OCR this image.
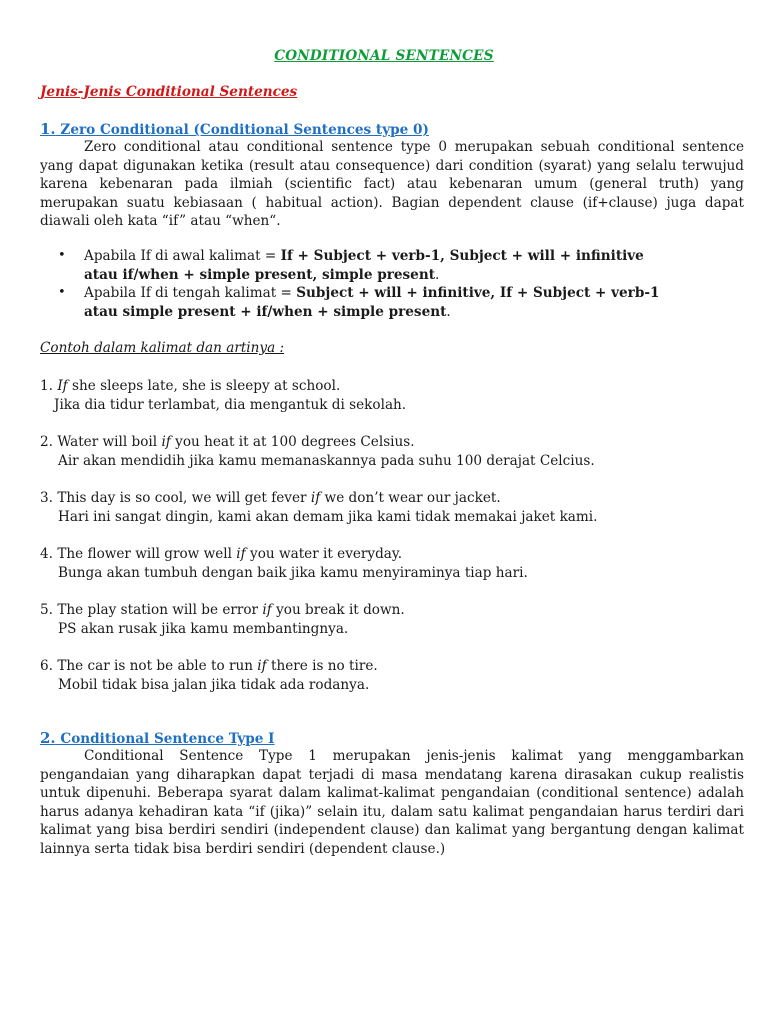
CONDITIONAL SENTENCES
Jenis-Jenis Conditional Sentences
1. Zero Conditional (Conditional Sentences type 0)
Zero conditional atau conditional sentence type 0 merupakan sebuah conditional sentence yang dapat digunakan ketika (result atau consequence) dari condition (syarat) yang selalu terwujud karena kebenaran pada ilmiah (scientific fact) atau kebenaran umum (general truth) yang merupakan suatu kebiasaan ( habitual action). Bagian dependent clause (if+clause) juga dapat diawali oleh kata “if” atau “when“.
• Apabila If di awal kalimat = If + Subject + verb-1, Subject + will + infinitive
atau if/when + simple present, simple present.
• Apabila If di tengah kalimat = Subject + will + infinitive, If + Subject + verb-1
atau simple present + if/when + simple present.
Contoh dalam kalimat dan artinya :
1. If she sleeps late, she is sleepy at school.
Jika dia tidur terlambat, dia mengantuk di sekolah.
2. Water will boil if you heat it at 100 degrees Celsius.
Air akan mendidih jika kamu memanaskannya pada suhu 100 derajat Celcius.
3. This day is so cool, we will get fever if we don’t wear our jacket.
Hari ini sangat dingin, kami akan demam jika kami tidak memakai jaket kami.
4. The flower will grow well if you water it everyday.
Bunga akan tumbuh dengan baik jika kamu menyiraminya tiap hari.
5. The play station will be error if you break it down.
PS akan rusak jika kamu membantingnya.
6. The car is not be able to run if there is no tire.
Mobil tidak bisa jalan jika tidak ada rodanya.
2. Conditional Sentence Type I
Conditional Sentence Type 1 merupakan jenis-jenis kalimat yang menggambarkan pengandaian yang diharapkan dapat terjadi di masa mendatang karena dirasakan cukup realistis untuk dipenuhi. Beberapa syarat dalam kalimat-kalimat pengandaian (conditional sentence) adalah harus adanya kehadiran kata “if (jika)” selain itu, dalam satu kalimat pengandaian harus terdiri dari kalimat yang bisa berdiri sendiri (independent clause) dan kalimat yang bergantung dengan kalimat lainnya serta tidak bisa berdiri sendiri (dependent clause.)
